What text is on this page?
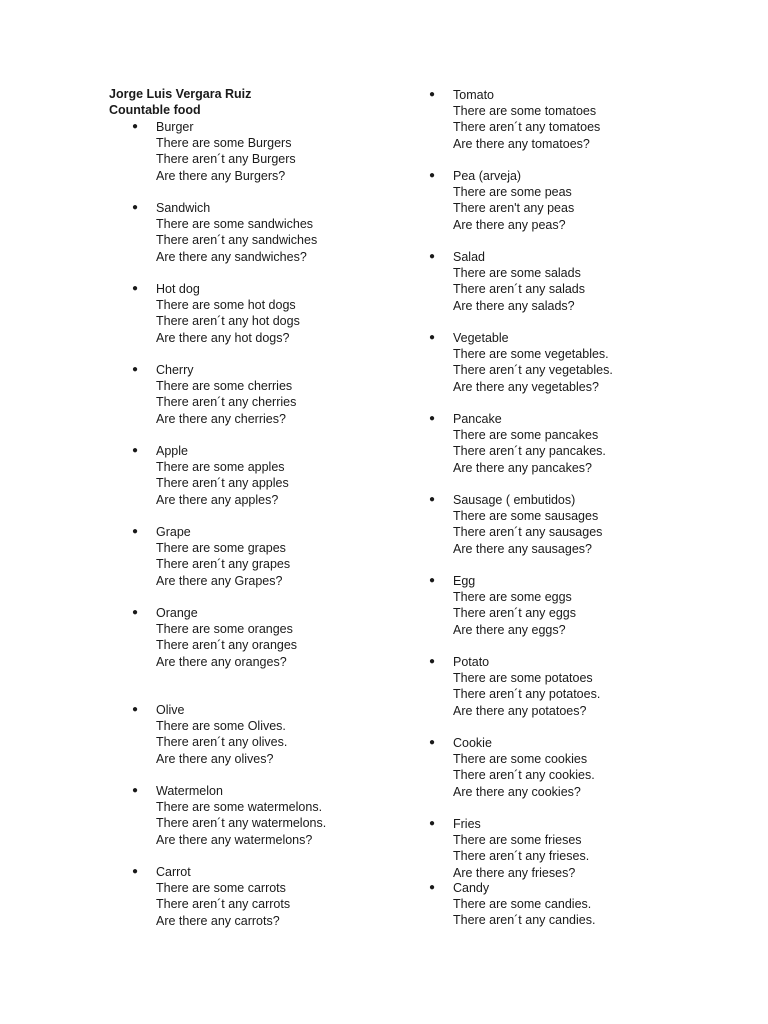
Jorge Luis Vergara Ruiz
Countable food
● Burger
There are some Burgers
There aren´t any Burgers
Are there any Burgers?
● Sandwich
There are some sandwiches
There aren´t any sandwiches
Are there any sandwiches?
● Hot dog
There are some hot dogs
There aren´t any hot dogs
Are there any hot dogs?
● Cherry
There are some cherries
There aren´t any cherries
Are there any cherries?
● Apple
There are some apples
There aren´t any apples
Are there any apples?
● Grape
There are some grapes
There aren´t any grapes
Are there any Grapes?
● Orange
There are some oranges
There aren´t any oranges
Are there any oranges?
● Olive
There are some Olives.
There aren´t any olives.
Are there any olives?
● Watermelon
There are some watermelons.
There aren´t any watermelons.
Are there any watermelons?
● Carrot
There are some carrots
There aren´t any carrots
Are there any carrots?
● Tomato
There are some tomatoes
There aren´t any tomatoes
Are there any tomatoes?
● Pea (arveja)
There are some peas
There aren't any peas
Are there any peas?
● Salad
There are some salads
There aren´t any salads
Are there any salads?
● Vegetable
There are some vegetables.
There aren´t any vegetables.
Are there any vegetables?
● Pancake
There are some pancakes
There aren´t any pancakes.
Are there any pancakes?
● Sausage ( embutidos)
There are some sausages
There aren´t any sausages
Are there any sausages?
● Egg
There are some eggs
There aren´t any eggs
Are there any eggs?
● Potato
There are some potatoes
There aren´t any potatoes.
Are there any potatoes?
● Cookie
There are some cookies
There aren´t any cookies.
Are there any cookies?
● Fries
There are some frieses
There aren´t any frieses.
Are there any frieses?
● Candy
There are some candies.
There aren´t any candies.
